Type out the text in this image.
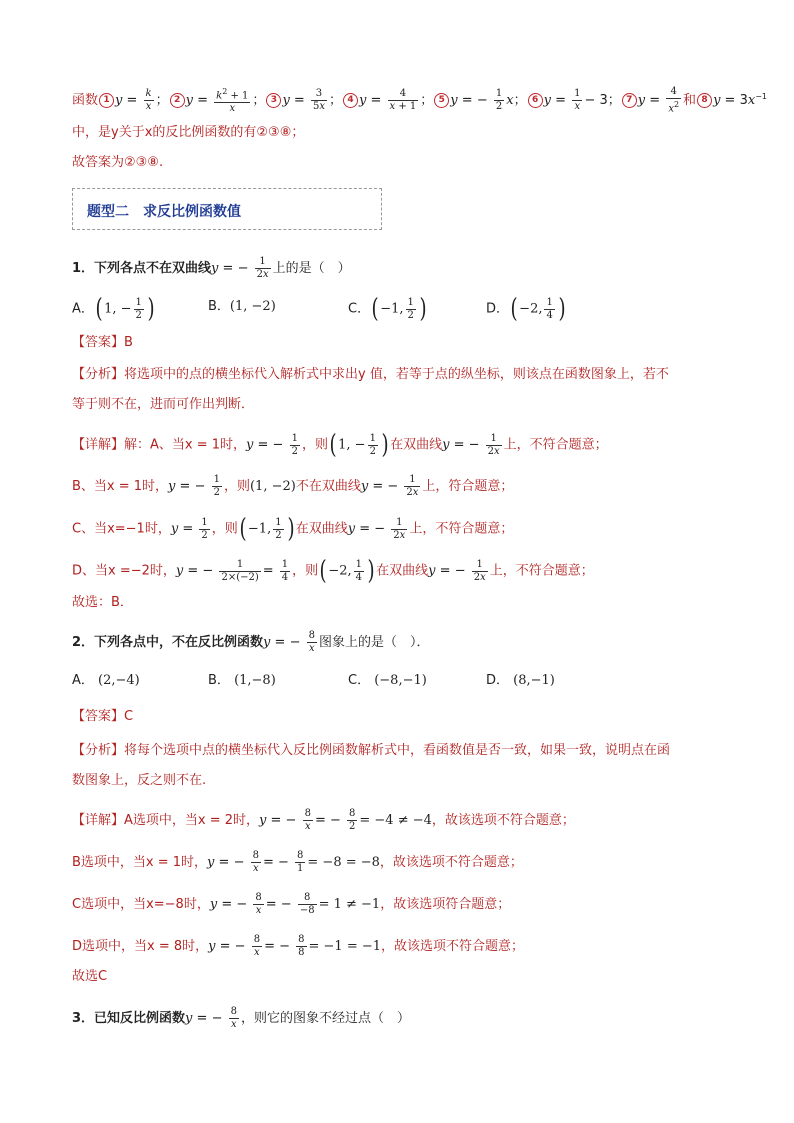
函数 1 $y = \frac{k}{x}$ ； 2 $y = \frac{k^2 + 1}{x}$ ； 3 $y = \frac{3}{5x}$ ； 4 $y = \frac{4}{x + 1}$ ； 5 y = − $\frac{1}{2}$ x； 6 $y = \frac{1}{x} - 3$； 7 $y = \frac{4}{x^2}$ 和 8 $y = 3x^{-1}$
中，是y关于x的反比例函数的有②③⑧；
故答案为②③⑧.
题型二　求反比例函数值
1．下列各点不在双曲线y = − $\frac{1}{2x}$ 上的是（　）
A．( 1, − $\frac{1}{2}$ )	B．(1, −2)	C．( −1, $\frac{1}{2}$ )	D．( −2, $\frac{1}{4}$ )
【答案】B
【分析】将选项中的点的横坐标代入解析式中求出y 值，若等于点的纵坐标，则该点在函数图象上，若不
等于则不在，进而可作出判断．
【详解】解：A、当x = 1时，y = − $\frac{1}{2}$ ，则( 1, − $\frac{1}{2}$ ) 在双曲线y = − $\frac{1}{2x}$ 上，不符合题意；
B、当x = 1时，y = − $\frac{1}{2}$ ，则(1, −2)不在双曲线y = − $\frac{1}{2x}$ 上，符合题意；
C、当x=−1时，$y = \frac{1}{2}$ ，则( −1, $\frac{1}{2}$ ) 在双曲线y = − $\frac{1}{2x}$ 上，不符合题意；
D、当x =−2时，y = − $\frac{1}{2\times(-2)} = \frac{1}{4}$ ，则( −2, $\frac{1}{4}$ ) 在双曲线y = − $\frac{1}{2x}$ 上，不符合题意；
故选：B．
2．下列各点中，不在反比例函数y = − $\frac{8}{x}$ 图象上的是（　）．
A． (2,−4)	B． (1,−8)	C． (−8,−1)	D． (8,−1)
【答案】C
【分析】将每个选项中点的横坐标代入反比例函数解析式中，看函数值是否一致，如果一致，说明点在函
数图象上，反之则不在.
【详解】A选项中，当x = 2时，y = − $\frac{8}{x}$ = − $\frac{8}{2} = -4 \ne -4$，故该选项不符合题意；
B选项中，当x = 1时，y = − $\frac{8}{x}$ = − $\frac{8}{1} = -8 = -8$，故该选项不符合题意；
C选项中，当x=−8时，y = − $\frac{8}{x}$ = − $\frac{8}{-8} = 1 \ne -1$，故该选项符合题意；
D选项中，当x = 8时，y = − $\frac{8}{x}$ = − $\frac{8}{8} = -1 = -1$，故该选项不符合题意；
故选C
3．已知反比例函数y = − $\frac{8}{x}$ ，则它的图象不经过点（　）
